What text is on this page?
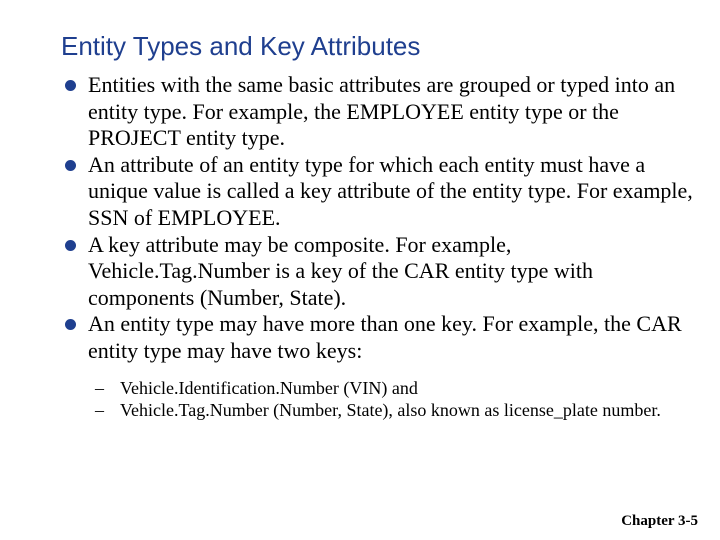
Entity Types and Key Attributes
Entities with the same basic attributes are grouped or typed into an entity type. For example, the EMPLOYEE entity type or the PROJECT entity type.
An attribute of an entity type for which each entity must have a unique value is called a key attribute of the entity type. For example, SSN of EMPLOYEE.
A key attribute may be composite. For example, Vehicle.Tag.Number is a key of the CAR entity type with components (Number, State).
An entity type may have more than one key. For example, the CAR entity type may have two keys:
– Vehicle.Identification.Number (VIN) and
– Vehicle.Tag.Number (Number, State), also known as license_plate number.
Chapter 3-5
